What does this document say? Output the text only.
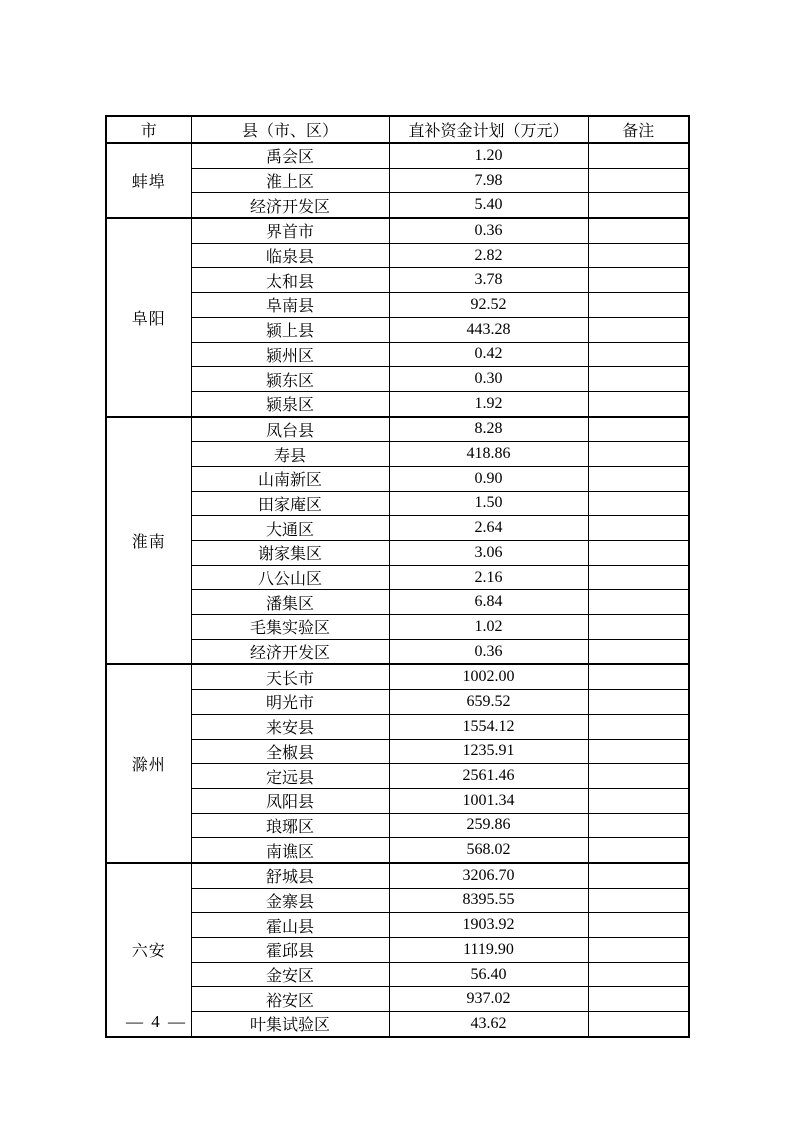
市	县（市、区）	直补资金计划（万元）	备注
蚌埠	禹会区	1.20	
	淮上区	7.98	
	经济开发区	5.40	
阜阳	界首市	0.36	
	临泉县	2.82	
	太和县	3.78	
	阜南县	92.52	
	颍上县	443.28	
	颍州区	0.42	
	颍东区	0.30	
	颍泉区	1.92	
淮南	凤台县	8.28	
	寿县	418.86	
	山南新区	0.90	
	田家庵区	1.50	
	大通区	2.64	
	谢家集区	3.06	
	八公山区	2.16	
	潘集区	6.84	
	毛集实验区	1.02	
	经济开发区	0.36	
滁州	天长市	1002.00	
	明光市	659.52	
	来安县	1554.12	
	全椒县	1235.91	
	定远县	2561.46	
	凤阳县	1001.34	
	琅琊区	259.86	
	南谯区	568.02	
六安	舒城县	3206.70	
	金寨县	8395.55	
	霍山县	1903.92	
	霍邱县	1119.90	
	金安区	56.40	
	裕安区	937.02	
	叶集试验区	43.62	
— 4 —
